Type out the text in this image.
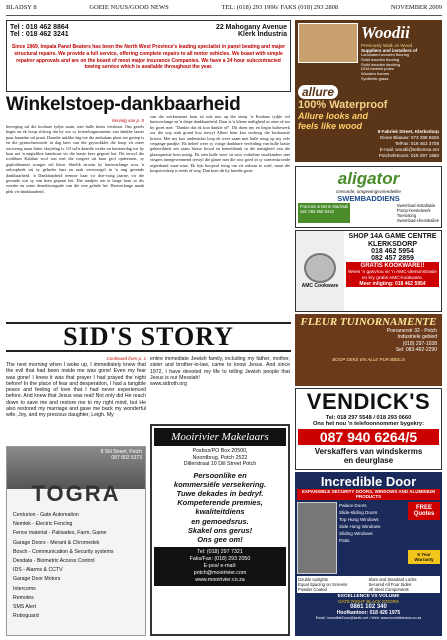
BLADSY 8	GOEIE NUUS/GOOD NEWS	TEL: (018) 293 1996/ FAKS (018) 293 2808	NOVEMBER 2009
Tel : 018 462 8864
Tel : 018 462 3241
22 Mahogany Avenue
Klerk Industria
Since 1969, Impala Panel Beaters has been the North West Province's leading specialist in panel beating and major structural repairs. We provide a full service, offering complete repairs to all motor vehicles. We boast with simple repairer approvals and are on the board of most major insurance Companies. We have a 24 hour subcontracted towing service which is available throughout the year.
Winkelstoep-dankbaarheid
Vervolg van p. 5
beweging sal die koobare tydjie saam, met hulle kerns verskuur. Ons gesels begin en ek hoop stilweg dat hy oor sy krieselsagmoments van dankbe laasie paar fraandae sal praat. Daardie aaklike dag toe die ambulans plaas toe gesiep is en die pyntoolsmoorde in dag later van die grysrokkler die hoop vir meer oorwerng maar bitter skrylelng is. Of sal'n daardie wreke en hartseerdag toe hy haar net 'n nagtelikse handwasi vir die laaste keer gegroei het. Dit terwyl die rooiblum Kalahar sool wat met die toegoei uit haar grof opdeeruen, sy geploldeunset wonger wil kleur. Skielik strooin hy hartsvarlange soos 'n onloopbrek uit sy gebreke hart en raak verstorogel in 'n ong gesende dankbaarheid. 'n Dankbaarheid teenoor haar vir drie-varig jaarne, vir die gesonde wat sy van hom gepraat het. Die tandjies om te lange hom so dis wreeke en some deurdrizongsale van die wee gelade het. Hartverlange maak plek vir dankbaarheid.
van die werksmense kom sit ook nou op die stoep. 'n Kosbare tydjie vol hartsverlange en 'n diepe dankbaarheid. Daar is 'n kliene natligheid in onse oë toe hy groet met: "Dankie dat ek kon dankie sê". Dit doen my en begin hulsewerk oor die oop stuk grond koo terwyl Albert hom koo omhoog die kosbaarste kristor. Met my koo onderstobo loop ek weer saam met hulle terug op my vele vergange paadjie. Ek beleef weer sy vorige dankbare verleiding van hulle laaste gebereihbeit om saam hierse brood en hemeldrank in die nuttigheid van die plaasspatiste hom nuttig. Ek sien hulle weer sit soos vorheline stoolkinders met vingers innegevrennend terwyl die glaste met die rooi goed in sy sonverskroeide regterhand waai-waai. Ek kyk hoopvol terug om vir ouboas te wuif, maar die kospotrosleep is reeds af weg. Dan kom dit by hierdie groet.
SID'S STORY
Continued from p. 1
The next morning when I woke up, I immediately knew that the evil that had been inside me was gone! Even my fear was gone! I knew it was that prayer I had prayed the night before! In the place of fear and desperation, I had a tangible peace and feeling of love that I had never experienced before. And knew that Jesus was real! Not only did He reach down to save me and restore me to my right mind, but He also restored my marriage and gave me back my wonderful wife, Joy, and my precious daughter, Leigh. My
entire immediate Jewish family, including my father, mother, sister and brother-in-law, came to know Jesus. And since 1972, I have devoted my life to telling Jewish people that Jesus is our Messiah!
www.sidroth.org
8 Stil Street, Potch
087 802 5373
TOGRA
Centurion - Gate Automation
Nemtek - Electric Fencing
Fence material - Palisades, Farm, Game
Garage Doors - Merant & Chromedek
Bosch - Communication & Security systems
Dexdata - Biometric Access Control
IDS - Alarms & CCTV
Garage Door Motors
Intercoms
Remotes
SMS Alert
Roboguard
Mooirivier Makelaars
Posbus/PO Box 20500,
Noordbrug, Potch 2522
Ditlerstraat 10 Dill Street Potch
Persoonlike en
kommersiële versekering.
Tuwe dekades in bedryf.
Kompeterende premies,
kwaliteitdiens
en gemoedsrus.
Skakel ons gerus!
Ons gee om!
Tel: (018) 297 7321
Faks/Fax: (018) 293 2050
E-pos/ e-mail:
potch@mooirivier.com
www.mooirivier.co.za
Woodii
Previously Walk on Wood
Suppliers and installers of
Laminated wooden flooring
Solid wooden flooring
Solid wooden decking
DOA treated poles
Wooden homes
Synthetic grass
allure
100% Waterproof
Allure looks and feels like wood
9 Fabriek Street, Klerksdorp
Dione Blaauw: 073 298 5506
TelFax: 018 462 3708
E-mail: woodii@telkomsa.net
Potchefstroom: 018 297 1850
aligator
Gesonde, omgewingsvriendelike
SWEMBADDIENS
Francois & Berte Marshall
Sel: 083 960 8442
Swembad-installasie
Pomp-herstelwerk
Toerusting
Swembad-chemikalieë
AMC Cookware
SHOP 14A GAME CENTRE KLERKSDORP
018 462 5954
082 457 2859
GRATIS KOOKWARE!!
Wees 'n gasvrou vir 'n AMC-demonstrasie en kry gratis AMC-kookware.
Meer inligting: 018 462 5954
FLEUR TUINORNAMENTE
Poeranerstr 32 - Potch
Industriele gebied
(018) 297-1038
Sel: 083-462-2290
BOOP DEKE EN ALLE PUR BBELS
VENDICK'S
Tel: 018 297 5548 / 018 293 0660
Ons het nou 'n telefoonnommer bygekry:
087 940 6264/5
Verskaffers van windskerms
en deurglase
Incredible Door
EXPANSIBLE SECURITY DOORS, WINDOWS AND ALUMINIUM PRODUCTS
Palace Doors
Slide-sliding Doors
Top Hung Windows
Side Hung Windows
Sliding Windows
Patio
FREE Quotes
5 Year Warranty
Double Uprights	Slam and Standard Locks
Equal Spacing on Screens	Secured All Four Sides
Powder Coated	All Steel Components
EXCELLENCE VS VOLUME
GATE RIGHT BLACK DOORS
0861 102 340
Hoofkantoor: 018 426 1975
Email: IncredibleDoor@lantic.net • Web: www.incredibledoor.co.za
